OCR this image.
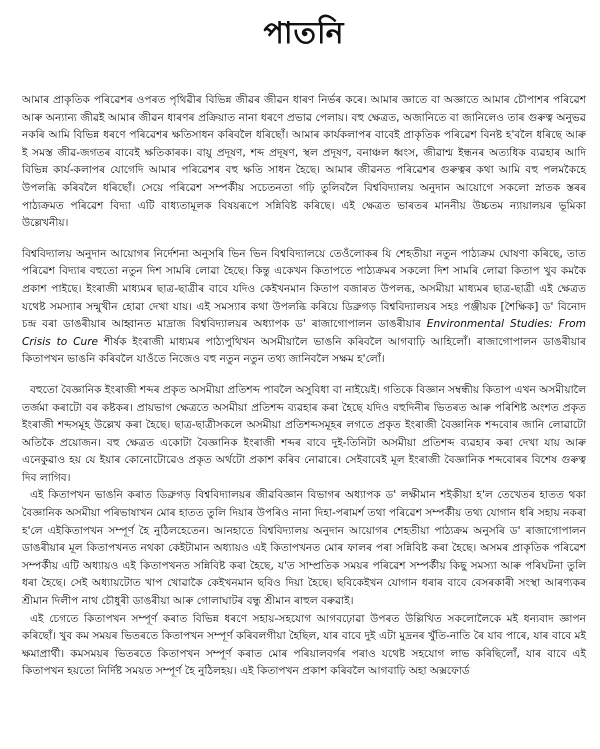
পাতনি

আমাৰ প্ৰাকৃতিক পৰিৱেশৰ ওপৰত পৃথিৱীৰ বিভিন্ন জীৱৰ জীৱন ধাৰণ নিৰ্ভৰ কৰে। আমাৰ জ্ঞাতে বা অজ্ঞাতে আমাৰ চৌপাশৰ পৰিৱেশ আৰু অন্যান্য জীৱই আমাৰ জীৱন ধাৰণৰ প্ৰক্ৰিয়াত নানা ধৰণে প্ৰভাৱ পেলায়। বহু ক্ষেত্ৰত, অজানিতে বা জানিলেও তাৰ গুৰুত্ব অনুভৱ নকৰি আমি বিভিন্ন ধৰণে পৰিৱেশৰ ক্ষতিসাধন কৰিবলৈ ধৰিছোঁ। আমাৰ কাৰ্যকলাপৰ বাবেই প্ৰাকৃতিক পৰিৱেশ বিনষ্ট হ'বলৈ ধৰিছে আৰু ই সমস্ত জীৱ-জগতৰ বাবেই ক্ষতিকাৰক। বায়ু প্ৰদূষণ, শব্দ প্ৰদূষণ, স্থল প্ৰদূষণ, বনাঞ্চল ধ্বংস, জীৱাশ্ম ইন্ধনৰ অত্যধিক ব্যৱহাৰ আদি বিভিন্ন কাৰ্য-কলাপৰ যোগেদি আমাৰ পৰিৱেশৰ বহু ক্ষতি সাধন হৈছে। আমাৰ জীৱনত পৰিৱেশৰ গুৰুত্বৰ কথা আমি বহু পলমকৈহে উপলব্ধি কৰিবলৈ ধৰিছোঁ। সেয়ে পৰিৱেশ সম্পৰ্কীয় সচেতনতা গঢ়ি তুলিবলৈ বিশ্ববিদ্যালয় অনুদান আয়োগে সকলো স্নাতক স্তৰৰ পাঠ্যক্ৰমত পৰিৱেশ বিদ্যা এটি বাধ্যতামূলক বিষয়ৰূপে সন্নিবিষ্ট কৰিছে। এই ক্ষেত্ৰত ভাৰতৰ মাননীয় উচ্চতম ন্যায়ালয়ৰ ভূমিকা উল্লেখনীয়।

বিশ্ববিদ্যালয় অনুদান আয়োগৰ নিৰ্দেশনা অনুসৰি ভিন ভিন বিশ্ববিদ্যালয়ে তেওঁলোকৰ যি শেহতীয়া নতুন পাঠ্যক্ৰম ঘোষণা কৰিছে, তাত পৰিৱেশ বিদ্যাৰ বহুতো নতুন দিশ সামৰি লোৱা হৈছে। কিন্তু একেখন কিতাপতে পাঠ্যক্ৰমৰ সকলো দিশ সামৰি লোৱা কিতাপ খুব কমকৈ প্ৰকাশ পাইছে। ইংৰাজী মাধ্যমৰ ছাত্ৰ-ছাত্ৰীৰ বাবে যদিও কেইখনমান কিতাপ বজাৰত উপলব্ধ, অসমীয়া মাধ্যমৰ ছাত্ৰ-ছাত্ৰী এই ক্ষেত্ৰত যথেষ্ট সমস্যাৰ সন্মুখীন হোৱা দেখা যায়। এই সমস্যাৰ কথা উপলব্ধি কৰিয়ে ডিব্ৰুগড় বিশ্ববিদ্যালয়ৰ সহঃ পঞ্জীয়ক [শৈক্ষিক] ড' বিনোদ চন্দ্ৰ বৰা ডাঙৰীয়াৰ আহ্বানত মাদ্ৰাজ বিশ্ববিদ্যালয়ৰ অধ্যাপক ড' ৰাজাগোপালন ডাঙৰীয়াৰ Environmental Studies: From Crisis to Cure শীৰ্ষক ইংৰাজী মাধ্যমৰ পাঠ্যপুথিখন অসমীয়ালৈ ভাঙনি কৰিবলৈ আগবাঢ়ি আহিলোঁ। ৰাজাগোপালন ডাঙৰীয়াৰ কিতাপখন ভাঙনি কৰিবলৈ যাওঁতে নিজেও বহু নতুন নতুন তথ্য জানিবলৈ সক্ষম হ'লোঁ।

বহুতো বৈজ্ঞানিক ইংৰাজী শব্দৰ প্ৰকৃত অসমীয়া প্ৰতিশব্দ পাবলৈ অসুবিধা বা নাইয়েই। গতিকে বিজ্ঞান সম্বন্ধীয় কিতাপ এখন অসমীয়ালৈ তৰ্জমা কৰাটো বৰ কষ্টকৰ। প্ৰায়ভাগ ক্ষেত্ৰতে অসমীয়া প্ৰতিশব্দ ব্যৱহাৰ কৰা হৈছে যদিও বহুদিনীৰ ভিতৰত আৰু পৰিশিষ্ট অংশত প্ৰকৃত ইংৰাজী শব্দসমূহ উল্লেখ কৰা হৈছে। ছাত্ৰ-ছাত্ৰীসকলে অসমীয়া প্ৰতিশব্দসমূহৰ লগতে প্ৰকৃত ইংৰাজী বৈজ্ঞানিক শব্দবোৰ জানি লোৱাটো অতিকৈ প্ৰয়োজন। বহু ক্ষেত্ৰত একোটা বৈজ্ঞানিক ইংৰাজী শব্দৰ বাবে দুই-তিনিটা অসমীয়া প্ৰতিশব্দ ব্যৱহাৰ কৰা দেখা যায় আৰু এনেকুৱাও হয় যে ইয়াৰ কোনোটোৱেও প্ৰকৃত অৰ্থটো প্ৰকাশ কৰিব নোৱাৰে। সেইবাবেই মূল ইংৰাজী বৈজ্ঞানিক শব্দবোৰৰ বিশেষ গুৰুত্ব দিব লাগিব।

এই কিতাপখন ভাঙনি কৰাত ডিব্ৰুগড় বিশ্ববিদ্যালয়ৰ জীৱবিজ্ঞান বিভাগৰ অধ্যাপক ড' লক্ষীমান শইকীয়া হ'ল তেখেতৰ হাতত থকা বৈজ্ঞানিক অসমীয়া পৰিভাষাখন মোৰ হাতত তুলি দিয়াৰ উপৰিও নানা দিহা-পৰামৰ্শ তথা পৰিৱেশ সম্পৰ্কীয় তথ্য যোগান ধৰি সহায় নকৰা হ'লে এইকিতাপখন সম্পূৰ্ণ হৈ নুঠিলহেতেন। আনহাতে বিশ্ববিদ্যালয় অনুদান আয়োগৰ শেহতীয়া পাঠ্যক্ৰম অনুসৰি ড' ৰাজাগোপালন ডাঙৰীয়াৰ মূল কিতাপখনত নথকা কেইটামান অধ্যায়ও এই কিতাপখনত মোৰ ফালৰ পৰা সন্নিবিষ্ট কৰা হৈছে। অসমৰ প্ৰাকৃতিক পৰিৱেশ সম্পৰ্কীয় এটি অধ্যায়ও এই কিতাপখনত সন্নিবিষ্ট কৰা হৈছে, য'ত সাম্প্ৰতিক সময়ৰ পৰিৱেশ সম্পৰ্কীয় কিছু সমস্যা আৰু পৰিঘটনা তুলি ধৰা হৈছে। সেই অধ্যায়টোত খাপ খোৱাকৈ কেইখনমান ছবিও দিয়া হৈছে। ছবিকেইখন যোগান ধৰাৰ বাবে বেসৰকাৰী সংস্থা আৰণ্যকৰ শ্ৰীমান দিলীপ নাথ চৌধুৰী ডাঙৰীয়া আৰু গোলাঘাটৰ বন্ধু শ্ৰীমান ৰাহুল বৰুৱাই।

এই চেগতে কিতাপখন সম্পূৰ্ণ কৰাত বিভিন্ন ধৰণে সহায়-সহযোগ আগবঢ়োৱা উপৰত উল্লিখিত সকলোলৈকে মই ধন্যবাদ জ্ঞাপন কৰিছোঁ। খুব কম সময়ৰ ভিতৰতে কিতাপখন সম্পূৰ্ণ কৰিবলগীয়া হৈছিল, যাৰ বাবে দুই এটা মুদ্ৰনৰ খুঁতি-নাতি ৰৈ যাব পাৰে, যাৰ বাবে মই ক্ষমাপ্ৰাৰ্থী। কমসময়ৰ ভিতৰতে কিতাপখন সম্পূৰ্ণ কৰাত মোৰ পৰিয়ালবৰ্গৰ পৰাও যথেষ্ট সহযোগ লাভ কৰিছিলোঁ, যাৰ বাবে এই কিতাপখন হয়তো নিৰ্দিষ্ট সময়ত সম্পূৰ্ণ হৈ নুঠিলহয়। এই কিতাপখন প্ৰকাশ কৰিবলৈ আগবাঢ়ি অহা অক্সফোৰ্ড
